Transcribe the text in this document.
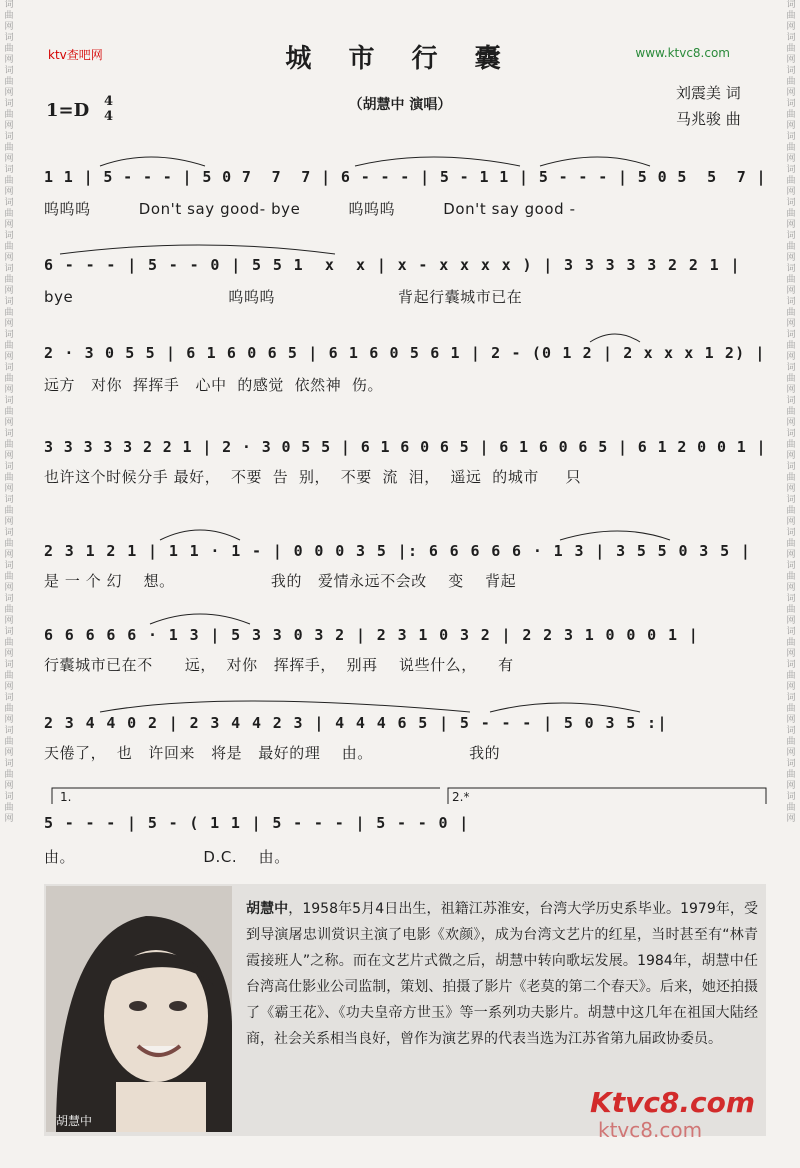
词曲网词曲网词曲网词曲网词曲网词曲网词曲网词曲网词曲网词曲网词曲网词曲网词曲网词曲网词曲网词曲网词曲网词曲网词曲网词曲网词曲网词曲网词曲网词曲网词曲网
词曲网词曲网词曲网词曲网词曲网词曲网词曲网词曲网词曲网词曲网词曲网词曲网词曲网词曲网词曲网词曲网词曲网词曲网词曲网词曲网词曲网词曲网词曲网词曲网词曲网
ktv查吧网	www.ktvc8.com
城 市 行 囊
（胡慧中 演唱）
1=D 4
4
刘震美 词
马兆骏 曲
1 1 | 5 - - - | 5 0 7  7  7 | 6 - - - | 5 - 1 1 | 5 - - - | 5 0 5  5  7 |
呜呜呜         Don't say good- bye         呜呜呜         Don't say good -
6 - - - | 5 - - 0 | 5 5 1  x  x | x - x x x x ) | 3 3 3 3 3 2 2 1 |
bye                             呜呜呜                       背起行囊城市已在
2 · 3 0 5 5 | 6 1 6 0 6 5 | 6 1 6 0 5 6 1 | 2 - (0 1 2 | 2 x x x 1 2) |
远方   对你  挥挥手   心中  的感觉  依然神  伤。
3 3 3 3 3 2 2 1 | 2 · 3 0 5 5 | 6 1 6 0 6 5 | 6 1 6 0 6 5 | 6 1 2 0 0 1 |
也许这个时候分手 最好，  不要  告  别，  不要  流  泪，  遥远  的城市     只
2 3 1 2 1 | 1 1 · 1 - | 0 0 0 3 5 |: 6 6 6 6 6 · 1 3 | 3 5 5 0 3 5 |
是 一 个 幻    想。                  我的   爱情永远不会改    变    背起
6 6 6 6 6 · 1 3 | 5 3 3 0 3 2 | 2 3 1 0 3 2 | 2 2 3 1 0 0 0 1 |
行囊城市已在不      远，  对你   挥挥手，  别再    说些什么，    有
2 3 4 4 0 2 | 2 3 4 4 2 3 | 4 4 4 6 5 | 5 - - - | 5 0 3 5 :|
天倦了，  也   许回来   将是   最好的理    由。                  我的
1.	2.*
5 - - - | 5 - ( 1 1 | 5 - - - | 5 - - 0 |
由。                        D.C.    由。
胡慧中
胡慧中，1958年5月4日出生，祖籍江苏淮安，台湾大学历史系毕业。1979年，受到导演屠忠训赏识主演了电影《欢颜》，成为台湾文艺片的红星，当时甚至有“林青霞接班人”之称。而在文艺片式微之后，胡慧中转向歌坛发展。1984年，胡慧中任台湾高仕影业公司监制，策划、拍摄了影片《老莫的第二个春天》。后来，她还拍摄了《霸王花》、《功夫皇帝方世玉》等一系列功夫影片。胡慧中这几年在祖国大陆经商，社会关系相当良好，曾作为演艺界的代表当选为江苏省第九届政协委员。
Ktvc8.com
ktvc8.com
